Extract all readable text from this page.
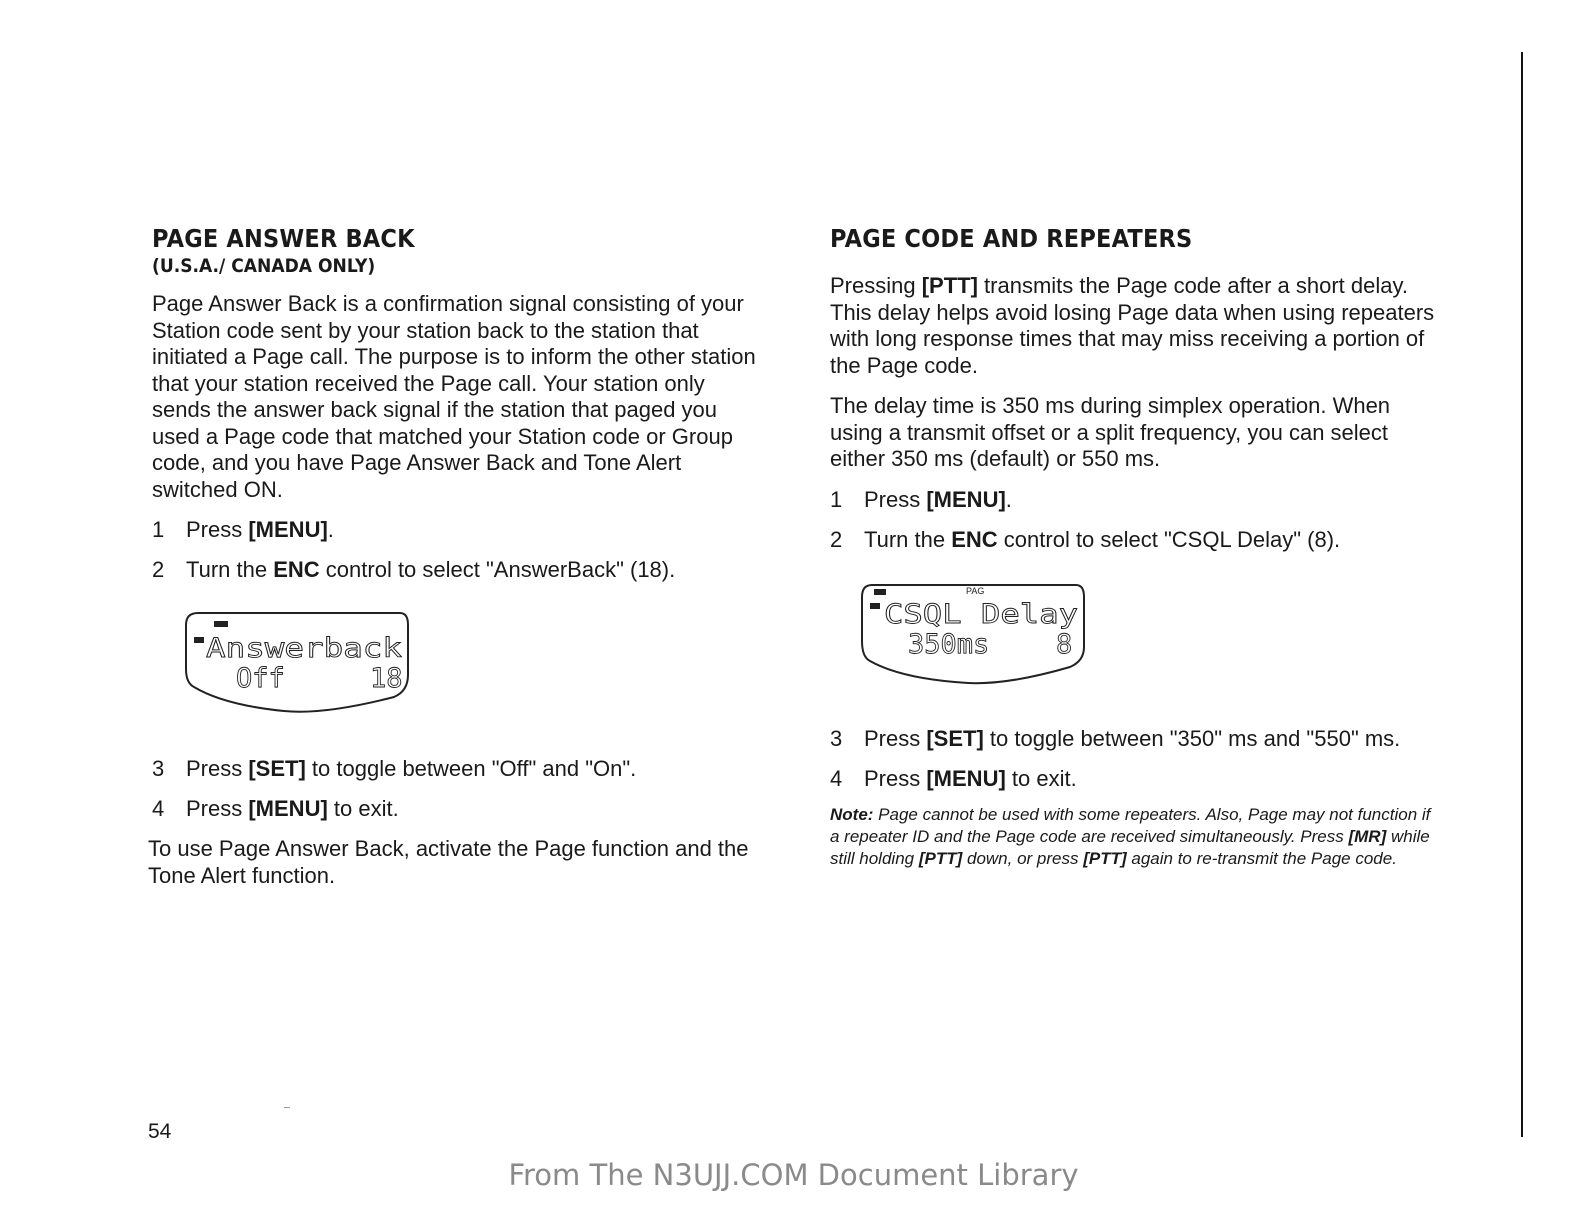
PAGE ANSWER BACK
(U.S.A./ CANADA ONLY)

Page Answer Back is a confirmation signal consisting of your Station code sent by your station back to the station that initiated a Page call. The purpose is to inform the other station that your station received the Page call. Your station only sends the answer back signal if the station that paged you used a Page code that matched your Station code or Group code, and you have Page Answer Back and Tone Alert switched ON.

1 Press [MENU].
2 Turn the ENC control to select "AnswerBack" (18).
Answerback
Off	18
3 Press [SET] to toggle between "Off" and "On".
4 Press [MENU] to exit.

To use Page Answer Back, activate the Page function and the Tone Alert function.

PAGE CODE AND REPEATERS

Pressing [PTT] transmits the Page code after a short delay. This delay helps avoid losing Page data when using repeaters with long response times that may miss receiving a portion of the Page code.

The delay time is 350 ms during simplex operation. When using a transmit offset or a split frequency, you can select either 350 ms (default) or 550 ms.

1 Press [MENU].
2 Turn the ENC control to select "CSQL Delay" (8).
PAG
CSQL Delay
350ms 8
3 Press [SET] to toggle between "350" ms and "550" ms.
4 Press [MENU] to exit.

Note: Page cannot be used with some repeaters. Also, Page may not function if a repeater ID and the Page code are received simultaneously. Press [MR] while still holding [PTT] down, or press [PTT] again to re-transmit the Page code.

54
From The N3UJJ.COM Document Library
